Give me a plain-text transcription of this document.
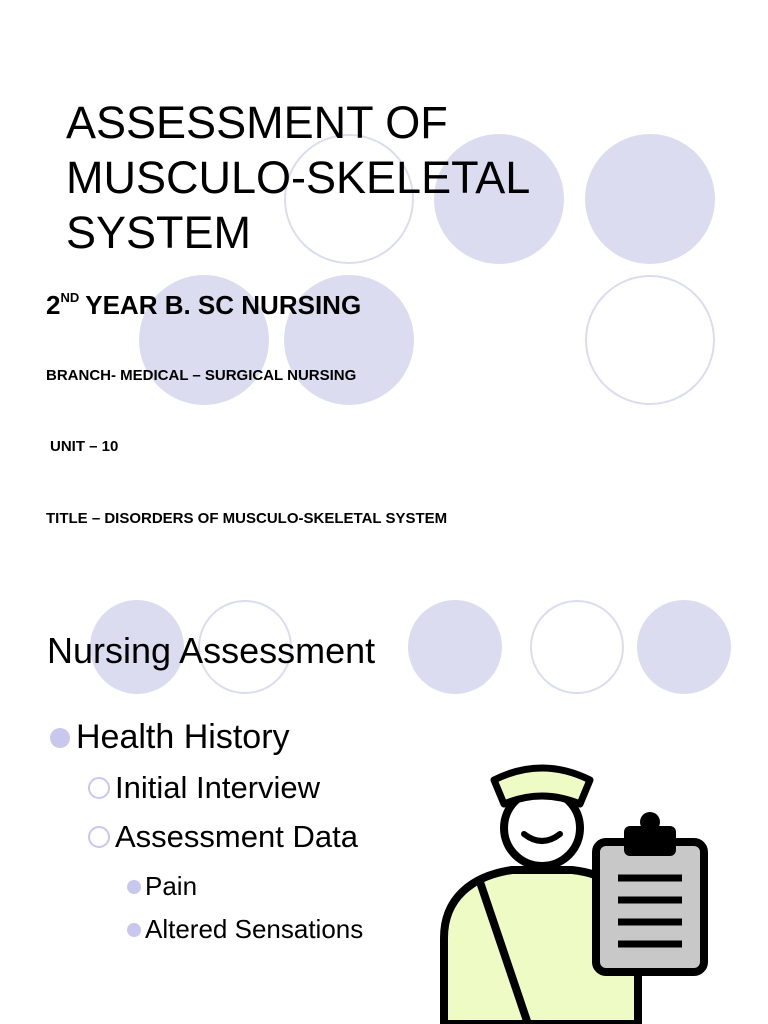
ASSESSMENT OF
MUSCULO-SKELETAL
SYSTEM
2ND YEAR B. SC NURSING
BRANCH- MEDICAL – SURGICAL NURSING
UNIT – 10
TITLE – DISORDERS OF MUSCULO-SKELETAL SYSTEM
Nursing Assessment
Health History
Initial Interview
Assessment Data
Pain
Altered Sensations
